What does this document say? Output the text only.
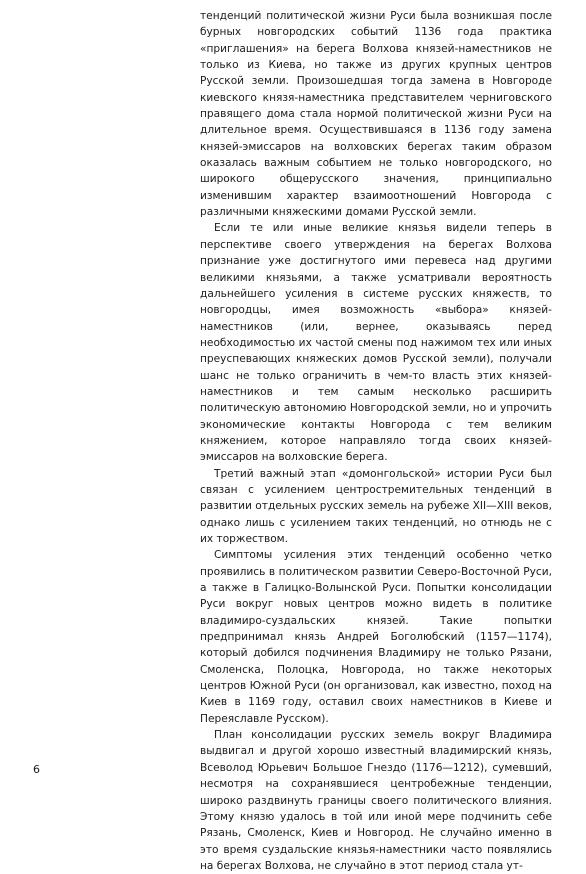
тенденций политической жизни Руси была возникшая после бурных новгородских событий 1136 года практика «приглашения» на берега Волхова князей-наместников не только из Киева, но также из других крупных центров Русской земли. Произошедшая тогда замена в Новгороде киевского князя-наместника представителем черниговского правящего дома стала нормой политической жизни Руси на длительное время. Осуществившаяся в 1136 году замена князей-эмиссаров на волховских берегах таким образом оказалась важным событием не только новгородского, но широкого общерусского значения, принципиально изменившим характер взаимоотношений Новгорода с различными княжескими домами Русской земли.

Если те или иные великие князья видели теперь в перспективе своего утверждения на берегах Волхова признание уже достигнутого ими перевеса над другими великими князьями, а также усматривали вероятность дальнейшего усиления в системе русских княжеств, то новгородцы, имея возможность «выбора» князей-наместников (или, вернее, оказываясь перед необходимостью их частой смены под нажимом тех или иных преуспевающих княжеских домов Русской земли), получали шанс не только ограничить в чем-то власть этих князей-наместников и тем самым несколько расширить политическую автономию Новгородской земли, но и упрочить экономические контакты Новгорода с тем великим княжением, которое направляло тогда своих князей-эмиссаров на волховские берега.

Третий важный этап «домонгольской» истории Руси был связан с усилением центростремительных тенденций в развитии отдельных русских земель на рубеже XII—XIII веков, однако лишь с усилением таких тенденций, но отнюдь не с их торжеством.

Симптомы усиления этих тенденций особенно четко проявились в политическом развитии Северо-Восточной Руси, а также в Галицко-Волынской Руси. Попытки консолидации Руси вокруг новых центров можно видеть в политике владимиро-суздальских князей. Такие попытки предпринимал князь Андрей Боголюбский (1157—1174), который добился подчинения Владимиру не только Рязани, Смоленска, Полоцка, Новгорода, но также некоторых центров Южной Руси (он организовал, как известно, поход на Киев в 1169 году, оставил своих наместников в Киеве и Переяславле Русском).

План консолидации русских земель вокруг Владимира выдвигал и другой хорошо известный владимирский князь, Всеволод Юрьевич Большое Гнездо (1176—1212), сумевший, несмотря на сохранявшиеся центробежные тенденции, широко раздвинуть границы своего политического влияния. Этому князю удалось в той или иной мере подчинить себе Рязань, Смоленск, Киев и Новгород. Не случайно именно в это время суздальские князья-наместники часто появлялись на берегах Волхова, не случайно в этот период стала ут-

6
